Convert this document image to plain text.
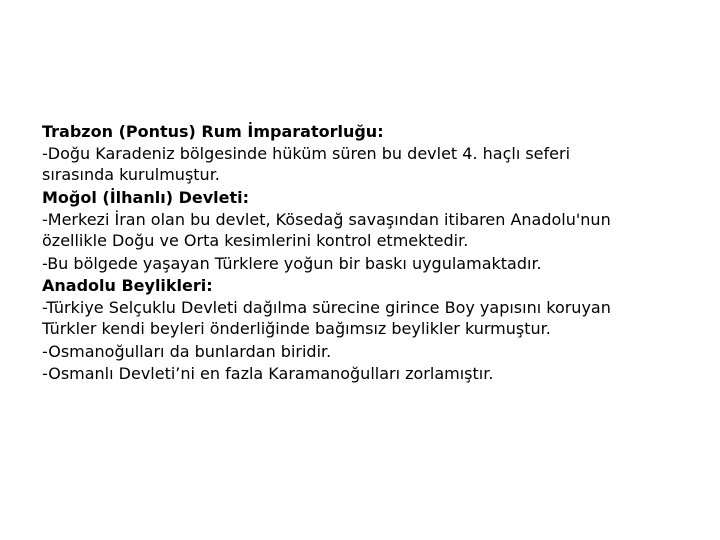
Trabzon (Pontus) Rum İmparatorluğu:
-Doğu Karadeniz bölgesinde hüküm süren bu devlet 4. haçlı seferi
sırasında kurulmuştur.
Moğol (İlhanlı) Devleti:
-Merkezi İran olan bu devlet, Kösedağ savaşından itibaren Anadolu'nun
özellikle Doğu ve Orta kesimlerini kontrol etmektedir.
-Bu bölgede yaşayan Türklere yoğun bir baskı uygulamaktadır.
Anadolu Beylikleri:
-Türkiye Selçuklu Devleti dağılma sürecine girince Boy yapısını koruyan
Türkler kendi beyleri önderliğinde bağımsız beylikler kurmuştur.
-Osmanoğulları da bunlardan biridir.
-Osmanlı Devleti’ni en fazla Karamanoğulları zorlamıştır.
